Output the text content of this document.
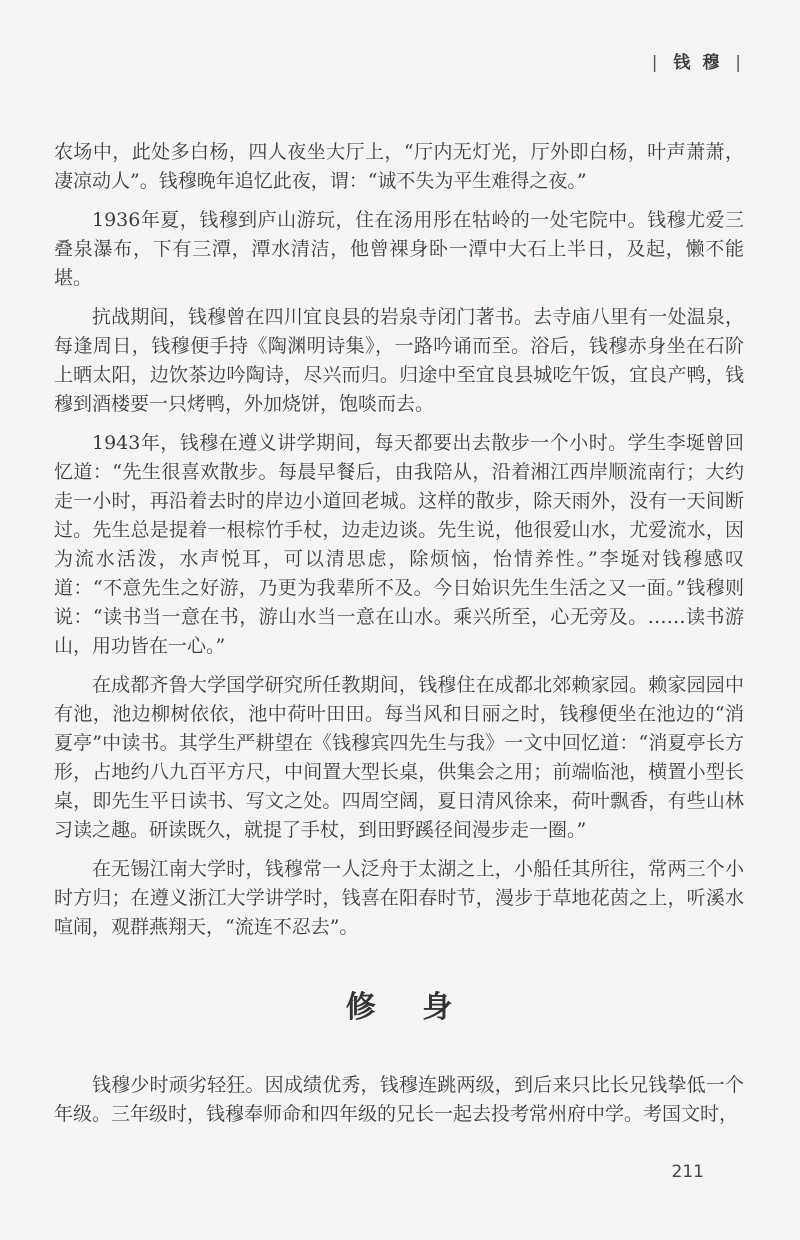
| 钱 穆 |

农场中，此处多白杨，四人夜坐大厅上，“厅内无灯光，厅外即白杨，叶声萧萧，凄凉动人”。钱穆晚年追忆此夜，谓：“诚不失为平生难得之夜。”

1936年夏，钱穆到庐山游玩，住在汤用彤在牯岭的一处宅院中。钱穆尤爱三叠泉瀑布，下有三潭，潭水清洁，他曾裸身卧一潭中大石上半日，及起，懒不能堪。

抗战期间，钱穆曾在四川宜良县的岩泉寺闭门著书。去寺庙八里有一处温泉，每逢周日，钱穆便手持《陶渊明诗集》，一路吟诵而至。浴后，钱穆赤身坐在石阶上晒太阳，边饮茶边吟陶诗，尽兴而归。归途中至宜良县城吃午饭，宜良产鸭，钱穆到酒楼要一只烤鸭，外加烧饼，饱啖而去。

1943年，钱穆在遵义讲学期间，每天都要出去散步一个小时。学生李埏曾回忆道：“先生很喜欢散步。每晨早餐后，由我陪从，沿着湘江西岸顺流南行；大约走一小时，再沿着去时的岸边小道回老城。这样的散步，除天雨外，没有一天间断过。先生总是提着一根棕竹手杖，边走边谈。先生说，他很爱山水，尤爱流水，因为流水活泼，水声悦耳，可以清思虑，除烦恼，怡情养性。”李埏对钱穆感叹道：“不意先生之好游，乃更为我辈所不及。今日始识先生生活之又一面。”钱穆则说：“读书当一意在书，游山水当一意在山水。乘兴所至，心无旁及。……读书游山，用功皆在一心。”

在成都齐鲁大学国学研究所任教期间，钱穆住在成都北郊赖家园。赖家园园中有池，池边柳树依依，池中荷叶田田。每当风和日丽之时，钱穆便坐在池边的“消夏亭”中读书。其学生严耕望在《钱穆宾四先生与我》一文中回忆道：“消夏亭长方形，占地约八九百平方尺，中间置大型长桌，供集会之用；前端临池，横置小型长桌，即先生平日读书、写文之处。四周空阔，夏日清风徐来，荷叶飘香，有些山林习读之趣。研读既久，就提了手杖，到田野蹊径间漫步走一圈。”

在无锡江南大学时，钱穆常一人泛舟于太湖之上，小船任其所往，常两三个小时方归；在遵义浙江大学讲学时，钱喜在阳春时节，漫步于草地花茵之上，听溪水喧闹，观群燕翔天，“流连不忍去”。

修 身

钱穆少时顽劣轻狂。因成绩优秀，钱穆连跳两级，到后来只比长兄钱挚低一个年级。三年级时，钱穆奉师命和四年级的兄长一起去投考常州府中学。考国文时，

211
